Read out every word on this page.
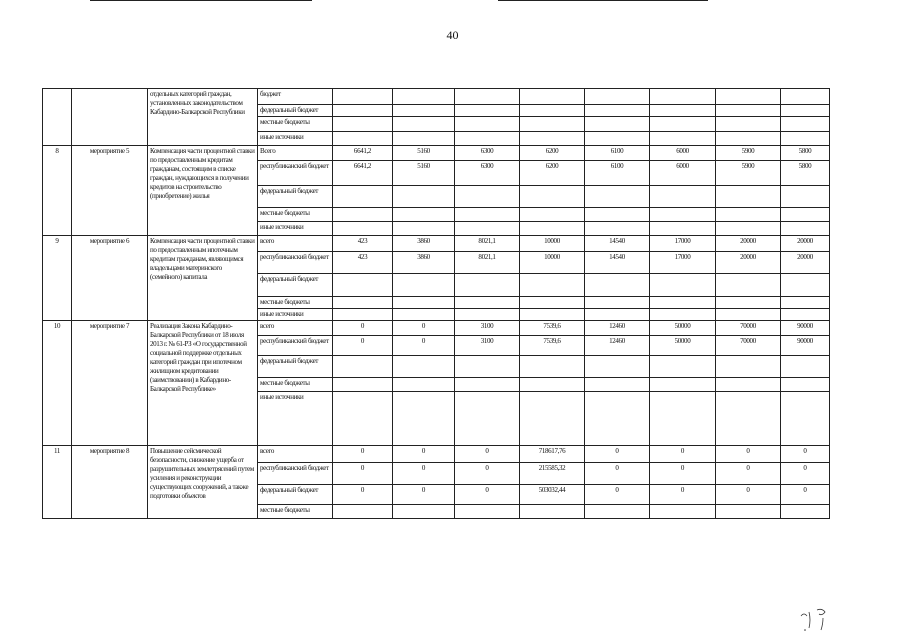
40
		отдельных категорий граждан, установленных законодательством Кабардино-Балкарской Республики	бюджет								
			федеральный бюджет								
			местные бюджеты								
			иные источники								
8	мероприятие 5	Компенсация части процентной ставки по предоставленным кредитам гражданам, состоящим в списке граждан, нуждающихся в получении кредитов на строительство (приобретение) жилья	Всего	6641,2	5160	6300	6200	6100	6000	5900	5800
			республиканский бюджет	6641,2	5160	6300	6200	6100	6000	5900	5800
			федеральный бюджет								
			местные бюджеты								
			иные источники								
9	мероприятие 6	Компенсация части процентной ставки по предоставленным ипотечным кредитам гражданам, являющимся владельцами материнского (семейного) капитала	всего	423	3860	8021,1	10000	14540	17000	20000	20000
			республиканский бюджет	423	3860	8021,1	10000	14540	17000	20000	20000
			федеральный бюджет								
			местные бюджеты								
			иные источники								
10	мероприятие 7	Реализация Закона Кабардино-Балкарской Республики от 18 июля 2013 г. № 61-РЗ «О государственной социальной поддержке отдельных категорий граждан при ипотечном жилищном кредитовании (заимствовании) в Кабардино-Балкарской Республике»	всего	0	0	3100	7539,6	12460	50000	70000	90000
			республиканский бюджет	0	0	3100	7539,6	12460	50000	70000	90000
			федеральный бюджет								
			местные бюджеты								
			иные источники								
11	мероприятие 8	Повышение сейсмической безопасности, снижение ущерба от разрушительных землетрясений путем усиления и реконструкции существующих сооружений, а также подготовки объектов	всего	0	0	0	718617,76	0	0	0	0
			республиканский бюджет	0	0	0	215585,32	0	0	0	0
			федеральный бюджет	0	0	0	503032,44	0	0	0	0
			местные бюджеты								
